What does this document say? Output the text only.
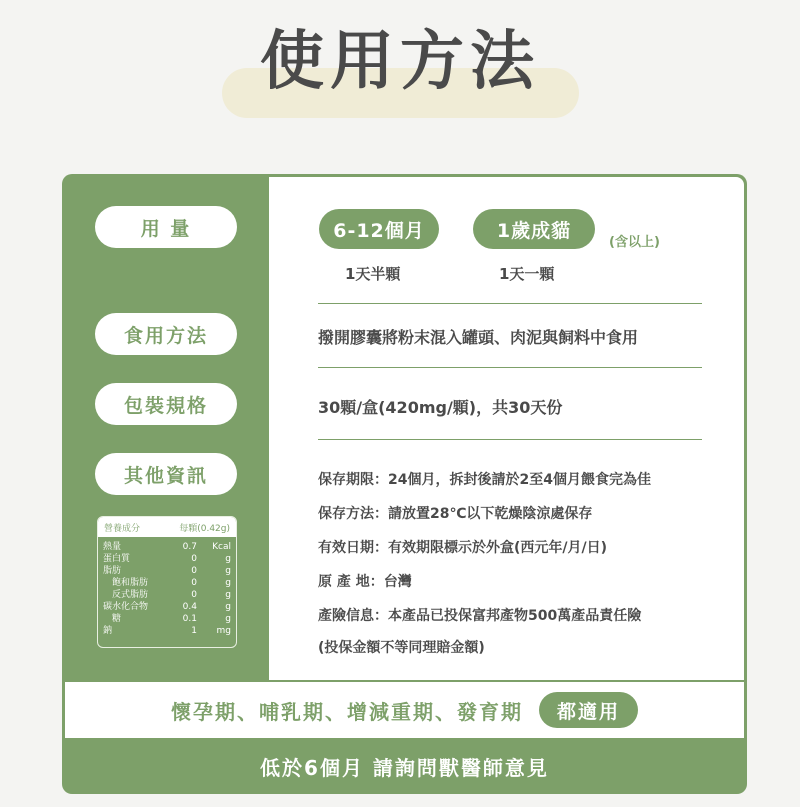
使用方法
用 量
食用方法
包裝規格
其他資訊
營養成分	每顆(0.42g)
熱量	0.7	Kcal
蛋白質	0	g
脂肪	0	g
　飽和脂肪	0	g
　反式脂肪	0	g
碳水化合物	0.4	g
　糖	0.1	g
鈉	1	mg
6-12個月	1歲成貓
(含以上)
1天半顆	1天一顆
撥開膠囊將粉末混入罐頭、肉泥與飼料中食用
30顆/盒(420mg/顆)，共30天份
保存期限：24個月，拆封後請於2至4個月餵食完為佳
保存方法：請放置28℃以下乾燥陰涼處保存
有效日期：有效期限標示於外盒(西元年/月/日)
原 產 地：台灣
產險信息：本產品已投保富邦產物500萬產品責任險
(投保金額不等同理賠金額)
懷孕期、哺乳期、增減重期、發育期	都適用
低於6個月 請詢問獸醫師意見
